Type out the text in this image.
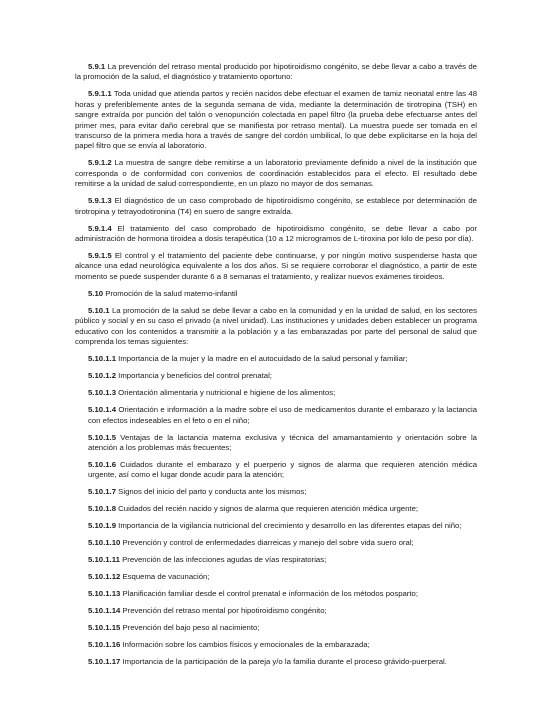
5.9.1 La prevención del retraso mental producido por hipotiroidismo congénito, se debe llevar a cabo a través de la promoción de la salud, el diagnóstico y tratamiento oportuno:

5.9.1.1 Toda unidad que atienda partos y recién nacidos debe efectuar el examen de tamiz neonatal entre las 48 horas y preferiblemente antes de la segunda semana de vida, mediante la determinación de tirotropina (TSH) en sangre extraída por punción del talón o venopunción colectada en papel filtro (la prueba debe efectuarse antes del primer mes, para evitar daño cerebral que se manifiesta por retraso mental). La muestra puede ser tomada en el transcurso de la primera media hora a través de sangre del cordón umbilical, lo que debe explicitarse en la hoja del papel filtro que se envía al laboratorio.

5.9.1.2 La muestra de sangre debe remitirse a un laboratorio previamente definido a nivel de la institución que corresponda o de conformidad con convenios de coordinación establecidos para el efecto. El resultado debe remitirse a la unidad de salud correspondiente, en un plazo no mayor de dos semanas.

5.9.1.3 El diagnóstico de un caso comprobado de hipotiroidismo congénito, se establece por determinación de tirotropina y tetrayodotironina (T4) en suero de sangre extraída.

5.9.1.4 El tratamiento del caso comprobado de hipotiroidismo congénito, se debe llevar a cabo por administración de hormona tiroidea a dosis terapéutica (10 a 12 microgramos de L-tiroxina por kilo de peso por día).

5.9.1.5 El control y el tratamiento del paciente debe continuarse, y por ningún motivo suspenderse hasta que alcance una edad neurológica equivalente a los dos años. Si se requiere corroborar el diagnóstico, a partir de este momento se puede suspender durante 6 a 8 semanas el tratamiento, y realizar nuevos exámenes tiroideos.

5.10 Promoción de la salud materno-infantil

5.10.1 La promoción de la salud se debe llevar a cabo en la comunidad y en la unidad de salud, en los sectores público y social y en su caso el privado (a nivel unidad). Las instituciones y unidades deben establecer un programa educativo con los contenidos a transmitir a la población y a las embarazadas por parte del personal de salud que comprenda los temas siguientes:

5.10.1.1 Importancia de la mujer y la madre en el autocuidado de la salud personal y familiar;

5.10.1.2 Importancia y beneficios del control prenatal;

5.10.1.3 Orientación alimentaria y nutricional e higiene de los alimentos;

5.10.1.4 Orientación e información a la madre sobre el uso de medicamentos durante el embarazo y la lactancia con efectos indeseables en el feto o en el niño;

5.10.1.5 Ventajas de la lactancia materna exclusiva y técnica del amamantamiento y orientación sobre la atención a los problemas más frecuentes;

5.10.1.6 Cuidados durante el embarazo y el puerperio y signos de alarma que requieren atención médica urgente, así como el lugar donde acudir para la atención;

5.10.1.7 Signos del inicio del parto y conducta ante los mismos;

5.10.1.8 Cuidados del recién nacido y signos de alarma que requieren atención médica urgente;

5.10.1.9 Importancia de la vigilancia nutricional del crecimiento y desarrollo en las diferentes etapas del niño;

5.10.1.10 Prevención y control de enfermedades diarreicas y manejo del sobre vida suero oral;

5.10.1.11 Prevención de las infecciones agudas de vías respiratorias;

5.10.1.12 Esquema de vacunación;

5.10.1.13 Planificación familiar desde el control prenatal e información de los métodos posparto;

5.10.1.14 Prevención del retraso mental por hipotiroidismo congénito;

5.10.1.15 Prevención del bajo peso al nacimiento;

5.10.1.16 Información sobre los cambios físicos y emocionales de la embarazada;

5.10.1.17 Importancia de la participación de la pareja y/o la familia durante el proceso grávido-puerperal.
